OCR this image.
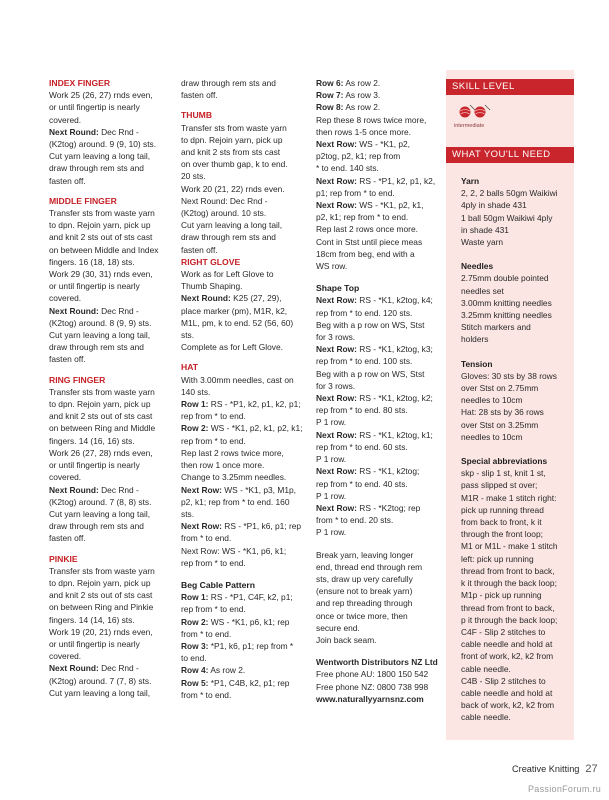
INDEX FINGER
Work 25 (26, 27) rnds even,
or until fingertip is nearly
covered.
Next Round: Dec Rnd -
(K2tog) around. 9 (9, 10) sts.
Cut yarn leaving a long tail,
draw through rem sts and
fasten off.
MIDDLE FINGER
Transfer sts from waste yarn
to dpn. Rejoin yarn, pick up
and knit 2 sts out of sts cast
on between Middle and Index
fingers. 16 (18, 18) sts.
Work 29 (30, 31) rnds even,
or until fingertip is nearly
covered.
Next Round: Dec Rnd -
(K2tog) around. 8 (9, 9) sts.
Cut yarn leaving a long tail,
draw through rem sts and
fasten off.
RING FINGER
Transfer sts from waste yarn
to dpn. Rejoin yarn, pick up
and knit 2 sts out of sts cast
on between Ring and Middle
fingers. 14 (16, 16) sts.
Work 26 (27, 28) rnds even,
or until fingertip is nearly
covered.
Next Round: Dec Rnd -
(K2tog) around. 7 (8, 8) sts.
Cut yarn leaving a long tail,
draw through rem sts and
fasten off.
PINKIE
Transfer sts from waste yarn
to dpn. Rejoin yarn, pick up
and knit 2 sts out of sts cast
on between Ring and Pinkie
fingers. 14 (14, 16) sts.
Work 19 (20, 21) rnds even,
or until fingertip is nearly
covered.
Next Round: Dec Rnd -
(K2tog) around. 7 (7, 8) sts.
Cut yarn leaving a long tail,
draw through rem sts and
fasten off.
THUMB
Transfer sts from waste yarn
to dpn. Rejoin yarn, pick up
and knit 2 sts from sts cast
on over thumb gap, k to end.
20 sts.
Work 20 (21, 22) rnds even.
Next Round: Dec Rnd -
(K2tog) around. 10 sts.
Cut yarn leaving a long tail,
draw through rem sts and
fasten off.
RIGHT GLOVE
Work as for Left Glove to
Thumb Shaping.
Next Round: K25 (27, 29),
place marker (pm), M1R, k2,
M1L, pm, k to end. 52 (56, 60)
sts.
Complete as for Left Glove.
HAT
With 3.00mm needles, cast on
140 sts.
Row 1: RS - *P1, k2, p1, k2, p1;
rep from * to end.
Row 2: WS - *K1, p2, k1, p2, k1;
rep from * to end.
Rep last 2 rows twice more,
then row 1 once more.
Change to 3.25mm needles.
Next Row: WS - *K1, p3, M1p,
p2, k1; rep from * to end. 160
sts.
Next Row: RS - *P1, k6, p1; rep
from * to end.
Next Row: WS - *K1, p6, k1;
rep from * to end.
Beg Cable Pattern
Row 1: RS - *P1, C4F, k2, p1;
rep from * to end.
Row 2: WS - *K1, p6, k1; rep
from * to end.
Row 3: *P1, k6, p1; rep from *
to end.
Row 4: As row 2.
Row 5: *P1, C4B, k2, p1; rep
from * to end.
Row 6: As row 2.
Row 7: As row 3.
Row 8: As row 2.
Rep these 8 rows twice more,
then rows 1-5 once more.
Next Row: WS - *K1, p2,
p2tog, p2, k1; rep from
* to end. 140 sts.
Next Row: RS - *P1, k2, p1, k2,
p1; rep from * to end.
Next Row: WS - *K1, p2, k1,
p2, k1; rep from * to end.
Rep last 2 rows once more.
Cont in Stst until piece meas
18cm from beg, end with a
WS row.
Shape Top
Next Row: RS - *K1, k2tog, k4;
rep from * to end. 120 sts.
Beg with a p row on WS, Stst
for 3 rows.
Next Row: RS - *K1, k2tog, k3;
rep from * to end. 100 sts.
Beg with a p row on WS, Stst
for 3 rows.
Next Row: RS - *K1, k2tog, k2;
rep from * to end. 80 sts.
P 1 row.
Next Row: RS - *K1, k2tog, k1;
rep from * to end. 60 sts.
P 1 row.
Next Row: RS - *K1, k2tog;
rep from * to end. 40 sts.
P 1 row.
Next Row: RS - *K2tog; rep
from * to end. 20 sts.
P 1 row.
Break yarn, leaving longer
end, thread end through rem
sts, draw up very carefully
(ensure not to break yarn)
and rep threading through
once or twice more, then
secure end.
Join back seam.
Wentworth Distributors NZ Ltd
Free phone AU: 1800 150 542
Free phone NZ: 0800 738 998
www.naturallyyarnsnz.com
SKILL LEVEL
intermediate
WHAT YOU'LL NEED
Yarn
2, 2, 2 balls 50gm Waikiwi
4ply in shade 431
1 ball 50gm Waikiwi 4ply
in shade 431
Waste yarn
Needles
2.75mm double pointed
needles set
3.00mm knitting needles
3.25mm knitting needles
Stitch markers and
holders
Tension
Gloves: 30 sts by 38 rows
over Stst on 2.75mm
needles to 10cm
Hat: 28 sts by 36 rows
over Stst on 3.25mm
needles to 10cm
Special abbreviations
skp - slip 1 st, knit 1 st,
pass slipped st over;
M1R - make 1 stitch right:
pick up running thread
from back to front, k it
through the front loop;
M1 or M1L - make 1 stitch
left: pick up running
thread from front to back,
k it through the back loop;
M1p - pick up running
thread from front to back,
p it through the back loop;
C4F - Slip 2 stitches to
cable needle and hold at
front of work, k2, k2 from
cable needle.
C4B - Slip 2 stitches to
cable needle and hold at
back of work, k2, k2 from
cable needle.
Creative Knitting 27
PassionForum.ru
